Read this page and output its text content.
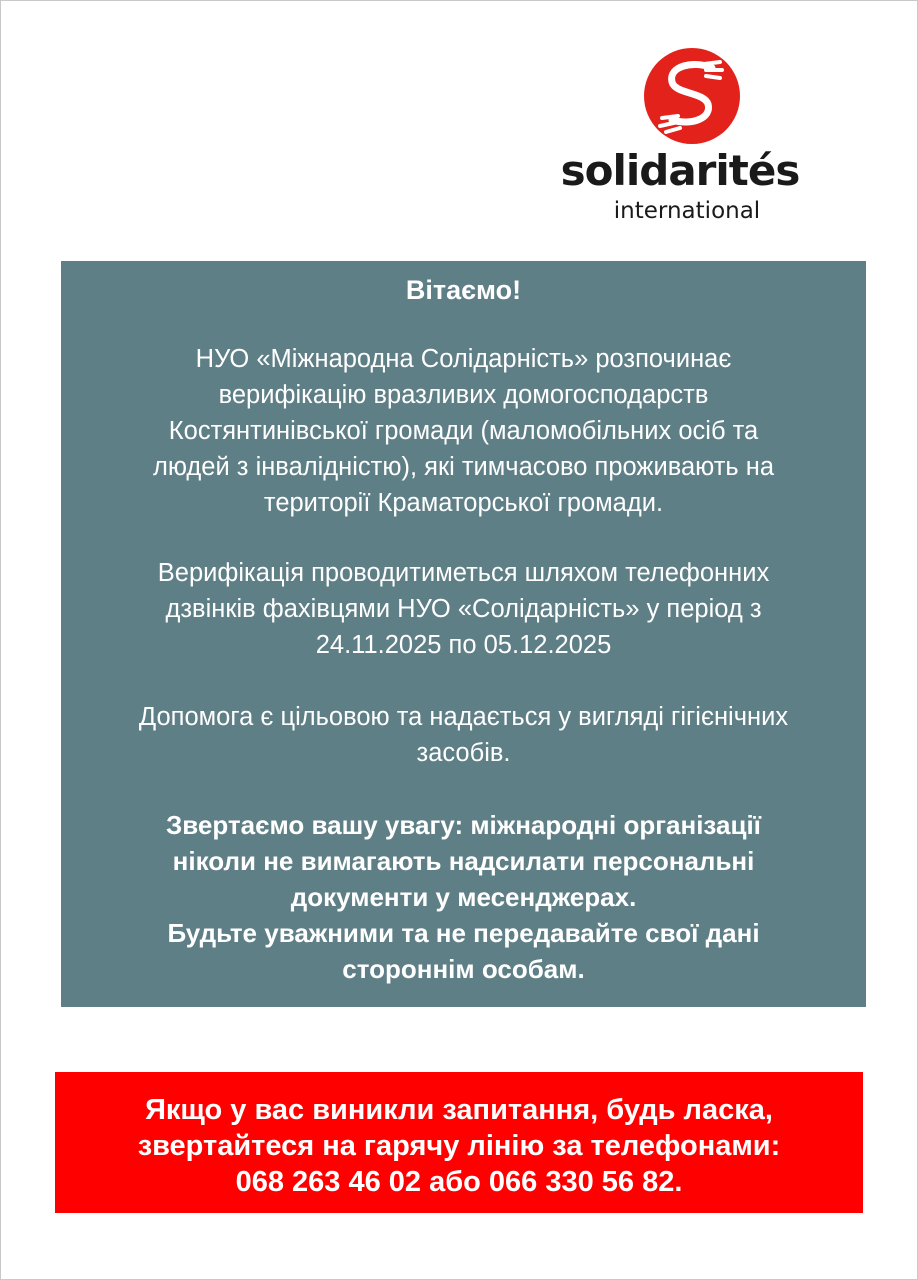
solidarités
international
Вітаємо!
НУО «Міжнародна Солідарність» розпочинає
верифікацію вразливих домогосподарств
Костянтинівської громади (маломобільних осіб та
людей з інвалідністю), які тимчасово проживають на
території Краматорської громади.
Верифікація проводитиметься шляхом телефонних
дзвінків фахівцями НУО «Солідарність» у період з
24.11.2025 по 05.12.2025
Допомога є цільовою та надається у вигляді гігієнічних
засобів.
Звертаємо вашу увагу: міжнародні організації
ніколи не вимагають надсилати персональні
документи у месенджерах.
Будьте уважними та не передавайте свої дані
стороннім особам.
Якщо у вас виникли запитання, будь ласка,
звертайтеся на гарячу лінію за телефонами:
068 263 46 02 або 066 330 56 82.
